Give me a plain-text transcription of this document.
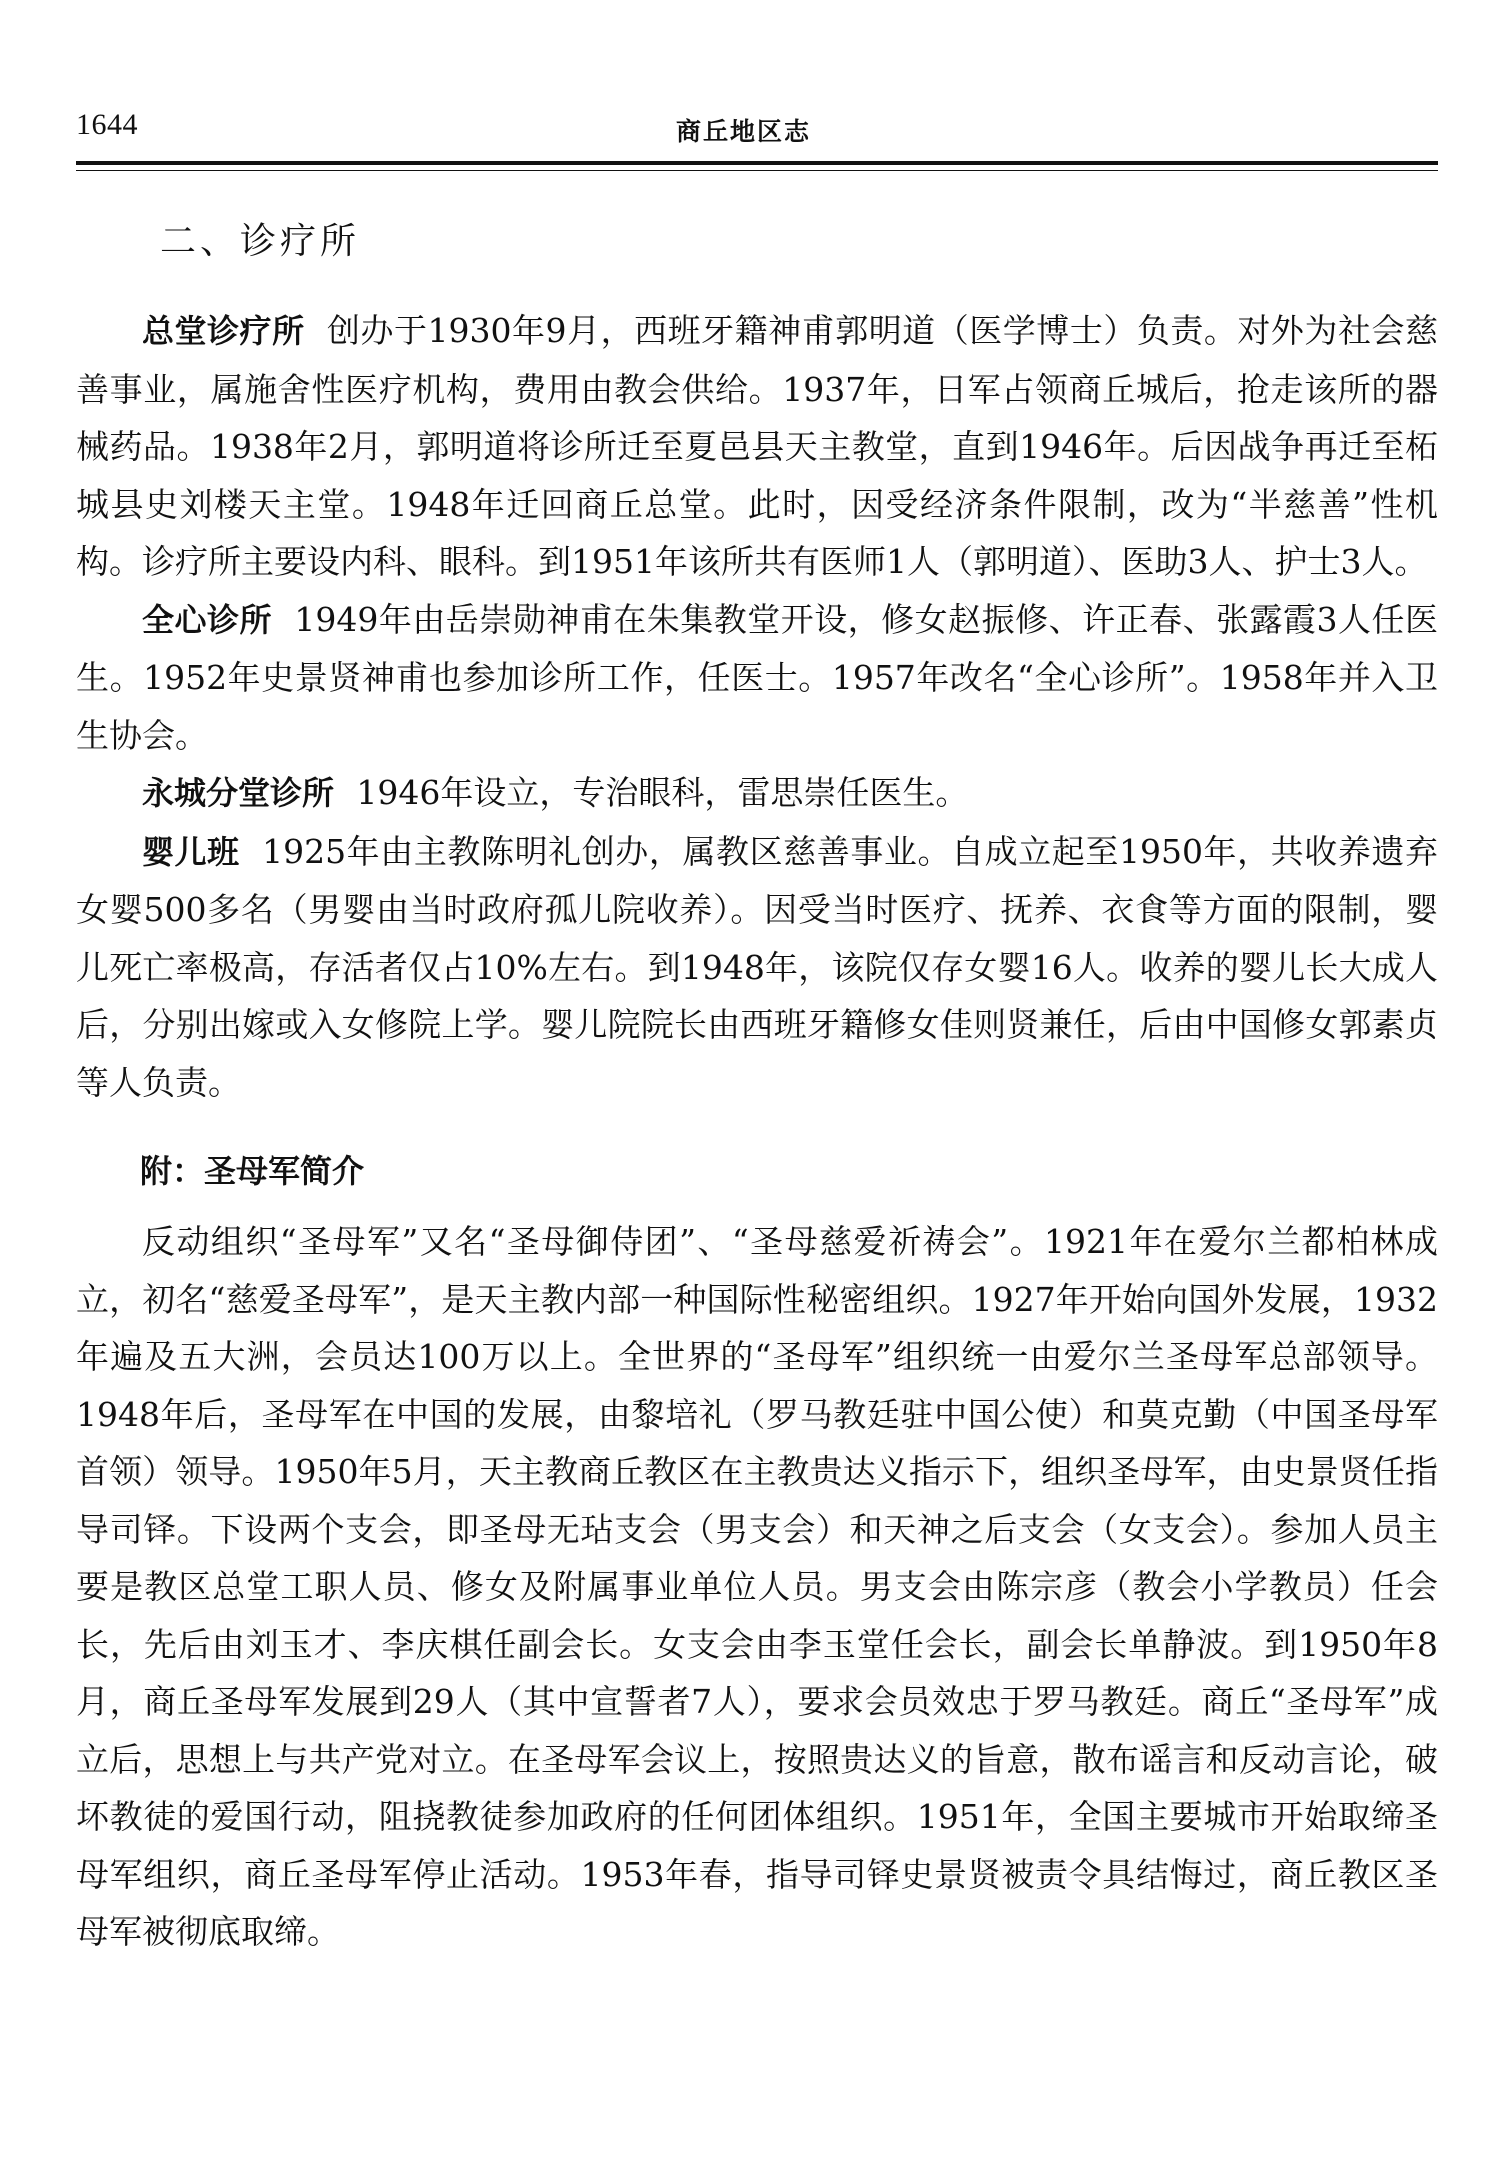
1644	商丘地区志
二、诊疗所

总堂诊疗所 创办于1930年9月，西班牙籍神甫郭明道（医学博士）负责。对外为社会慈善事业，属施舍性医疗机构，费用由教会供给。1937年，日军占领商丘城后，抢走该所的器械药品。1938年2月，郭明道将诊所迁至夏邑县天主教堂，直到1946年。后因战争再迁至柘城县史刘楼天主堂。1948年迁回商丘总堂。此时，因受经济条件限制，改为“半慈善”性机构。诊疗所主要设内科、眼科。到1951年该所共有医师1人（郭明道）、医助3人、护士3人。

全心诊所 1949年由岳崇勋神甫在朱集教堂开设，修女赵振修、许正春、张露霞3人任医生。1952年史景贤神甫也参加诊所工作，任医士。1957年改名“全心诊所”。1958年并入卫生协会。

永城分堂诊所 1946年设立，专治眼科，雷思崇任医生。

婴儿班 1925年由主教陈明礼创办，属教区慈善事业。自成立起至1950年，共收养遗弃女婴500多名（男婴由当时政府孤儿院收养）。因受当时医疗、抚养、衣食等方面的限制，婴儿死亡率极高，存活者仅占10%左右。到1948年，该院仅存女婴16人。收养的婴儿长大成人后，分别出嫁或入女修院上学。婴儿院院长由西班牙籍修女佳则贤兼任，后由中国修女郭素贞等人负责。

附：圣母军简介

反动组织“圣母军”又名“圣母御侍团”、“圣母慈爱祈祷会”。1921年在爱尔兰都柏林成立，初名“慈爱圣母军”，是天主教内部一种国际性秘密组织。1927年开始向国外发展，1932年遍及五大洲，会员达100万以上。全世界的“圣母军”组织统一由爱尔兰圣母军总部领导。1948年后，圣母军在中国的发展，由黎培礼（罗马教廷驻中国公使）和莫克勤（中国圣母军首领）领导。1950年5月，天主教商丘教区在主教贵达义指示下，组织圣母军，由史景贤任指导司铎。下设两个支会，即圣母无玷支会（男支会）和天神之后支会（女支会）。参加人员主要是教区总堂工职人员、修女及附属事业单位人员。男支会由陈宗彦（教会小学教员）任会长，先后由刘玉才、李庆棋任副会长。女支会由李玉堂任会长，副会长单静波。到1950年8月，商丘圣母军发展到29人（其中宣誓者7人），要求会员效忠于罗马教廷。商丘“圣母军”成立后，思想上与共产党对立。在圣母军会议上，按照贵达义的旨意，散布谣言和反动言论，破坏教徒的爱国行动，阻挠教徒参加政府的任何团体组织。1951年，全国主要城市开始取缔圣母军组织，商丘圣母军停止活动。1953年春，指导司铎史景贤被责令具结悔过，商丘教区圣母军被彻底取缔。
